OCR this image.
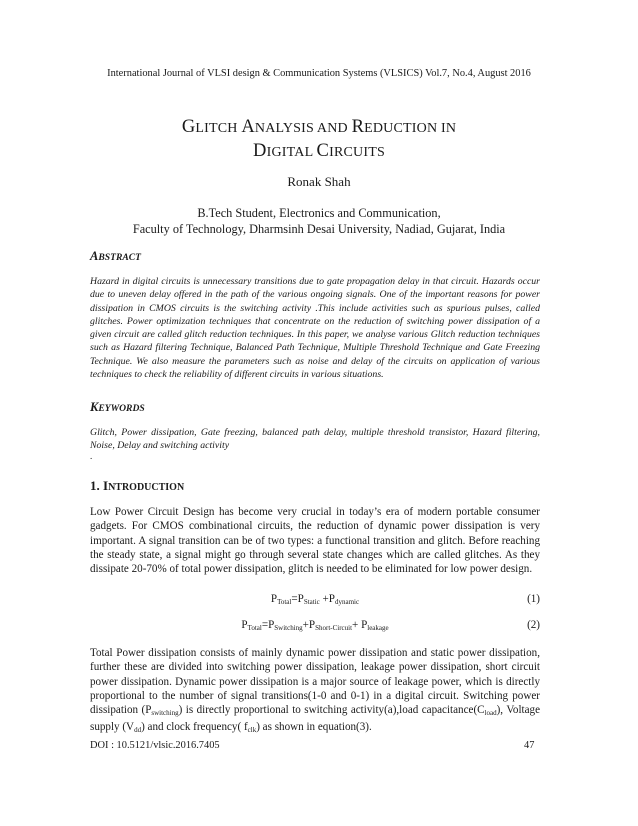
International Journal of VLSI design & Communication Systems (VLSICS) Vol.7, No.4, August 2016
GLITCH ANALYSIS AND REDUCTION IN
DIGITAL CIRCUITS
Ronak Shah
B.Tech Student, Electronics and Communication,
Faculty of Technology, Dharmsinh Desai University, Nadiad, Gujarat, India
ABSTRACT
Hazard in digital circuits is unnecessary transitions due to gate propagation delay in that circuit. Hazards occur due to uneven delay offered in the path of the various ongoing signals. One of the important reasons for power dissipation in CMOS circuits is the switching activity .This include activities such as spurious pulses, called glitches. Power optimization techniques that concentrate on the reduction of switching power dissipation of a given circuit are called glitch reduction techniques. In this paper, we analyse various Glitch reduction techniques such as Hazard filtering Technique, Balanced Path Technique, Multiple Threshold Technique and Gate Freezing Technique. We also measure the parameters such as noise and delay of the circuits on application of various techniques to check the reliability of different circuits in various situations.
KEYWORDS
Glitch, Power dissipation, Gate freezing, balanced path delay, multiple threshold transistor, Hazard filtering, Noise, Delay and switching activity
.
1. INTRODUCTION
Low Power Circuit Design has become very crucial in today’s era of modern portable consumer gadgets. For CMOS combinational circuits, the reduction of dynamic power dissipation is very important. A signal transition can be of two types: a functional transition and glitch. Before reaching the steady state, a signal might go through several state changes which are called glitches. As they dissipate 20-70% of total power dissipation, glitch is needed to be eliminated for low power design.
$P_{Total}=P_{Static} +P_{dynamic}$	(1)
$P_{Total}=P_{Switching}+P_{Short-Circuit}+ P_{leakage}$	(2)
Total Power dissipation consists of mainly dynamic power dissipation and static power dissipation, further these are divided into switching power dissipation, leakage power dissipation, short circuit power dissipation. Dynamic power dissipation is a major source of leakage power, which is directly proportional to the number of signal transitions(1-0 and 0-1) in a digital circuit. Switching power dissipation $(P_{switching})$ is directly proportional to switching activity(a),load $capacitance(C_{load})$, Voltage supply $(V_{dd})$ and clock frequency( $f_{clk}$) as shown in equation(3).
DOI : 10.5121/vlsic.2016.7405	47
